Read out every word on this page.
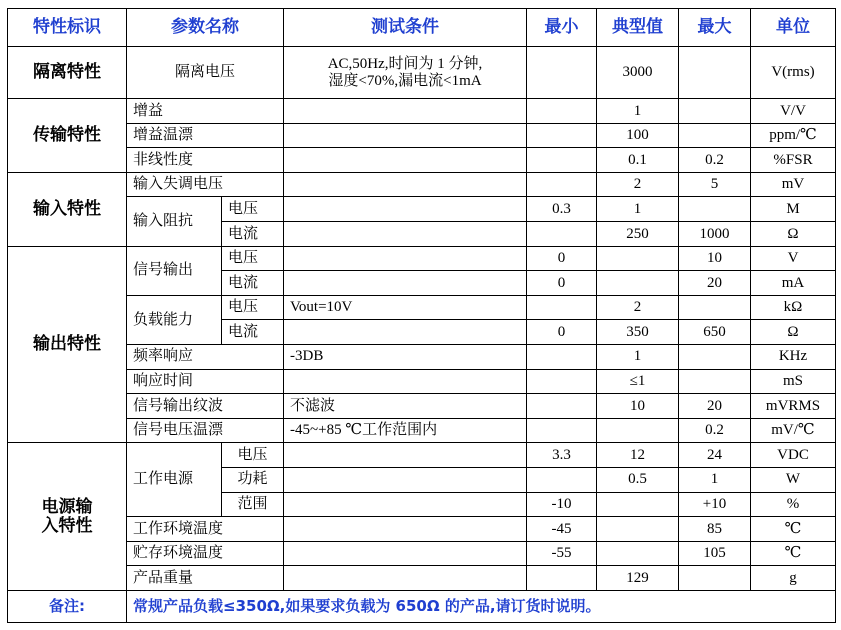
特性标识	参数名称		测试条件	最小	典型值	最大	单位
隔离特性	隔离电压		AC,50Hz,时间为 1 分钟,
湿度<70%,漏电流<1mA		3000		V(rms)
传输特性	增益				1		V/V
	增益温漂				100		ppm/℃
	非线性度				0.1	0.2	%FSR
输入特性	输入失调电压				2	5	mV
	输入阻抗	电压		0.3	1		M
		电流			250	1000	Ω
输出特性	信号输出	电压		0		10	V
		电流		0		20	mA
	负载能力	电压	Vout=10V		2		kΩ
		电流		0	350	650	Ω
	频率响应		-3DB		1		KHz
	响应时间				≤1		mS
	信号输出纹波		不滤波		10	20	mVRMS
	信号电压温漂		-45~+85 ℃工作范围内			0.2	mV/℃

电源输
入特性	工作电源	电压		3.3	12	24	VDC
		功耗			0.5	1	W
		范围		-10		+10	%
	工作环境温度			-45		85	℃
	贮存环境温度			-55		105	℃
	产品重量				129		g
备注:	常规产品负载≤350Ω,如果要求负载为 650Ω 的产品,请订货时说明。						
